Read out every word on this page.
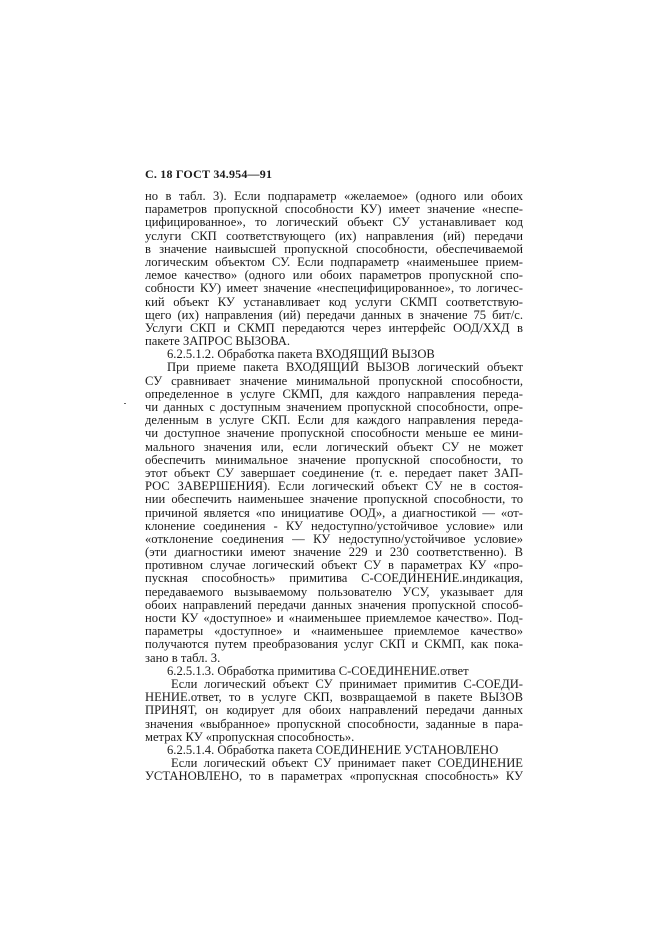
С. 18 ГОСТ 34.954—91
но в табл. 3). Если подпараметр «желаемое» (одного или обоих
параметров пропускной способности КУ) имеет значение «неспе-
цифицированное», то логический объект СУ устанавливает код
услуги СКП соответствующего (их) направления (ий) передачи
в значение наивысшей пропускной способности, обеспечиваемой
логическим объектом СУ. Если подпараметр «наименьшее прием-
лемое качество» (одного или обоих параметров пропускной спо-
собности КУ) имеет значение «неспецифицированное», то логичес-
кий объект КУ устанавливает код услуги СКМП соответствую-
щего (их) направления (ий) передачи данных в значение 75 бит/с.
Услуги СКП и СКМП передаются через интерфейс ООД/ХХД в
пакете ЗАПРОС ВЫЗОВА.
6.2.5.1.2. Обработка пакета ВХОДЯЩИЙ ВЫЗОВ
При приеме пакета ВХОДЯЩИЙ ВЫЗОВ логический объект
СУ сравнивает значение минимальной пропускной способности,
определенное в услуге СКМП, для каждого направления переда-
чи данных с доступным значением пропускной способности, опре-
деленным в услуге СКП. Если для каждого направления переда-
чи доступное значение пропускной способности меньше ее мини-
мального значения или, если логический объект СУ не может
обеспечить минимальное значение пропускной способности, то
этот объект СУ завершает соединение (т. е. передает пакет ЗАП-
РОС ЗАВЕРШЕНИЯ). Если логический объект СУ не в состоя-
нии обеспечить наименьшее значение пропускной способности, то
причиной является «по инициативе ООД», а диагностикой — «от-
клонение соединения - КУ недоступно/устойчивое условие» или
«отклонение соединения — КУ недоступно/устойчивое условие»
(эти диагностики имеют значение 229 и 230 соответственно). В
противном случае логический объект СУ в параметрах КУ «про-
пускная способность» примитива С-СОЕДИНЕНИЕ.индикация,
передаваемого вызываемому пользователю УСУ, указывает для
обоих направлений передачи данных значения пропускной способ-
ности КУ «доступное» и «наименьшее приемлемое качество». Под-
параметры «доступное» и «наименьшее приемлемое качество»
получаются путем преобразования услуг СКП и СКМП, как пока-
зано в табл. 3.
6.2.5.1.3. Обработка примитива С-СОЕДИНЕНИЕ.ответ
Если логический объект СУ принимает примитив С-СОЕДИ-
НЕНИЕ.ответ, то в услуге СКП, возвращаемой в пакете ВЫЗОВ
ПРИНЯТ, он кодирует для обоих направлений передачи данных
значения «выбранное» пропускной способности, заданные в пара-
метрах КУ «пропускная способность».
6.2.5.1.4. Обработка пакета СОЕДИНЕНИЕ УСТАНОВЛЕНО
Если логический объект СУ принимает пакет СОЕДИНЕНИЕ
УСТАНОВЛЕНО, то в параметрах «пропускная способность» КУ
